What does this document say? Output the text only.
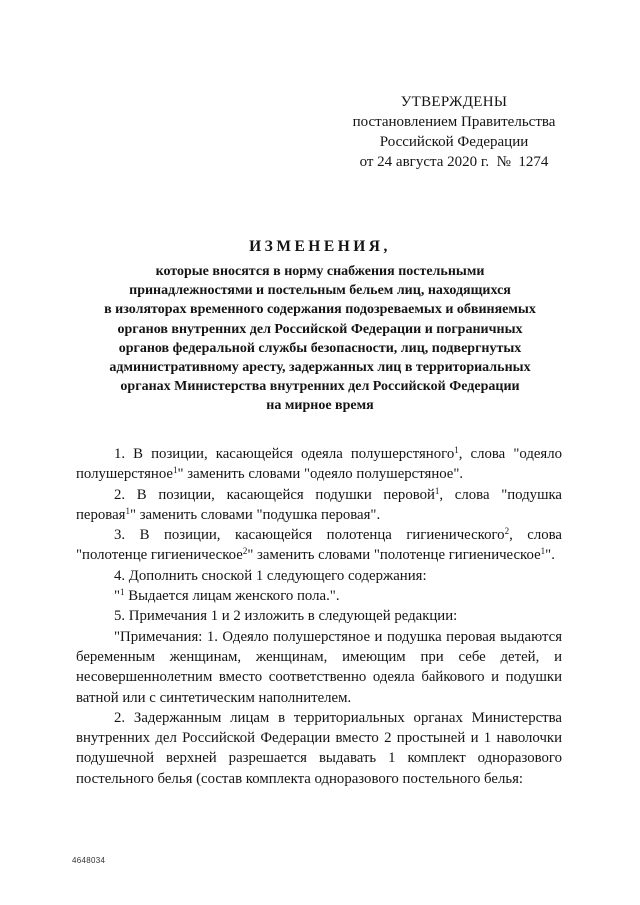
УТВЕРЖДЕНЫ
постановлением Правительства
Российской Федерации
от 24 августа 2020 г.  №  1274
ИЗМЕНЕНИЯ,
которые вносятся в норму снабжения постельными
принадлежностями и постельным бельем лиц, находящихся
в изоляторах временного содержания подозреваемых и обвиняемых
органов внутренних дел Российской Федерации и пограничных
органов федеральной службы безопасности, лиц, подвергнутых
административному аресту, задержанных лиц в территориальных
органах Министерства внутренних дел Российской Федерации
на мирное время

1. В позиции, касающейся одеяла полушерстяного$^1$, слова "одеяло полушерстяное$^1$" заменить словами "одеяло полушерстяное".

2. В позиции, касающейся подушки перовой$^1$, слова "подушка перовая$^1$" заменить словами "подушка перовая".

3. В позиции, касающейся полотенца гигиенического$^2$, слова "полотенце гигиеническое$^2$" заменить словами "полотенце гигиеническое$^1$".

4. Дополнить сноской 1 следующего содержания:

"$^1$ Выдается лицам женского пола.".

5. Примечания 1 и 2 изложить в следующей редакции:

"Примечания: 1. Одеяло полушерстяное и подушка перовая выдаются беременным женщинам, женщинам, имеющим при себе детей, и несовершеннолетним вместо соответственно одеяла байкового и подушки ватной или с синтетическим наполнителем.

2. Задержанным лицам в территориальных органах Министерства внутренних дел Российской Федерации вместо 2 простыней и 1 наволочки подушечной верхней разрешается выдавать 1 комплект одноразового постельного белья (состав комплекта одноразового постельного белья:

4648034
